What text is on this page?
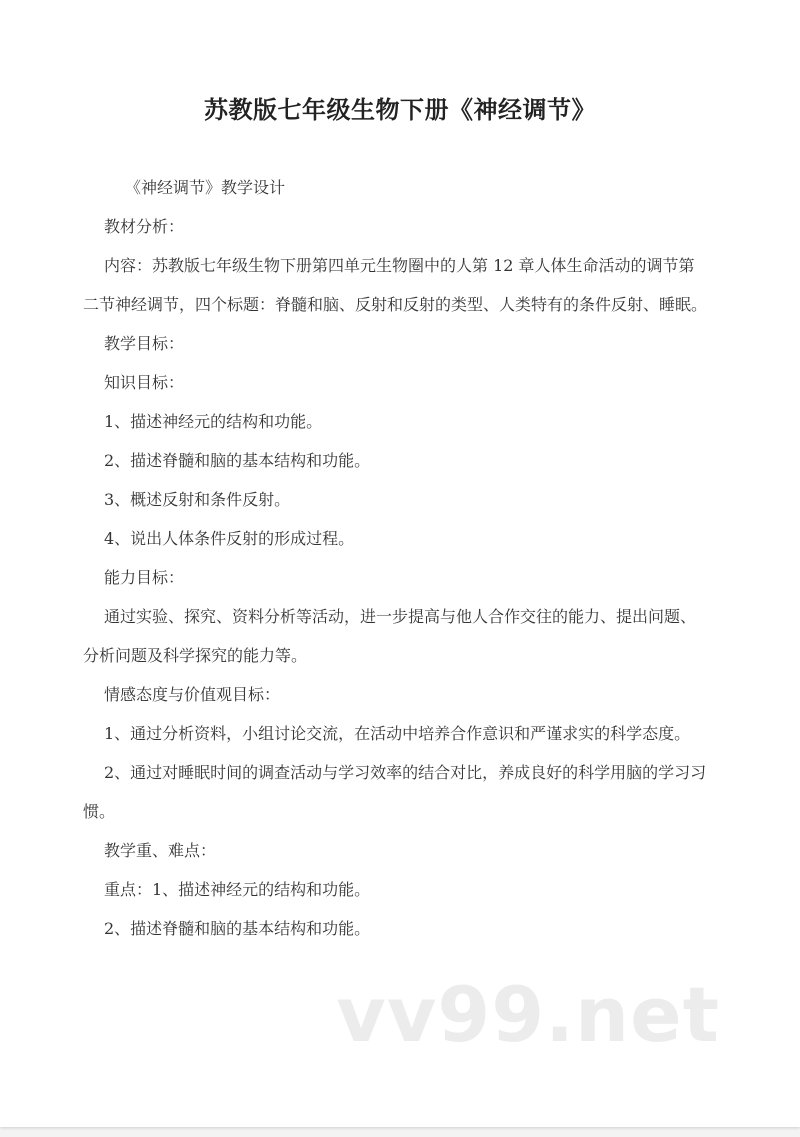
苏教版七年级生物下册《神经调节》

《神经调节》教学设计

教材分析：

内容：苏教版七年级生物下册第四单元生物圈中的人第 12 章人体生命活动的调节第二节神经调节，四个标题：脊髓和脑、反射和反射的类型、人类特有的条件反射、睡眠。

教学目标：

知识目标：

1、描述神经元的结构和功能。

2、描述脊髓和脑的基本结构和功能。

3、概述反射和条件反射。

4、说出人体条件反射的形成过程。

能力目标：

通过实验、探究、资料分析等活动，进一步提高与他人合作交往的能力、提出问题、分析问题及科学探究的能力等。

情感态度与价值观目标：

1、通过分析资料，小组讨论交流，在活动中培养合作意识和严谨求实的科学态度。

2、通过对睡眠时间的调查活动与学习效率的结合对比，养成良好的科学用脑的学习习惯。

教学重、难点：

重点：1、描述神经元的结构和功能。

2、描述脊髓和脑的基本结构和功能。

vv99.net
